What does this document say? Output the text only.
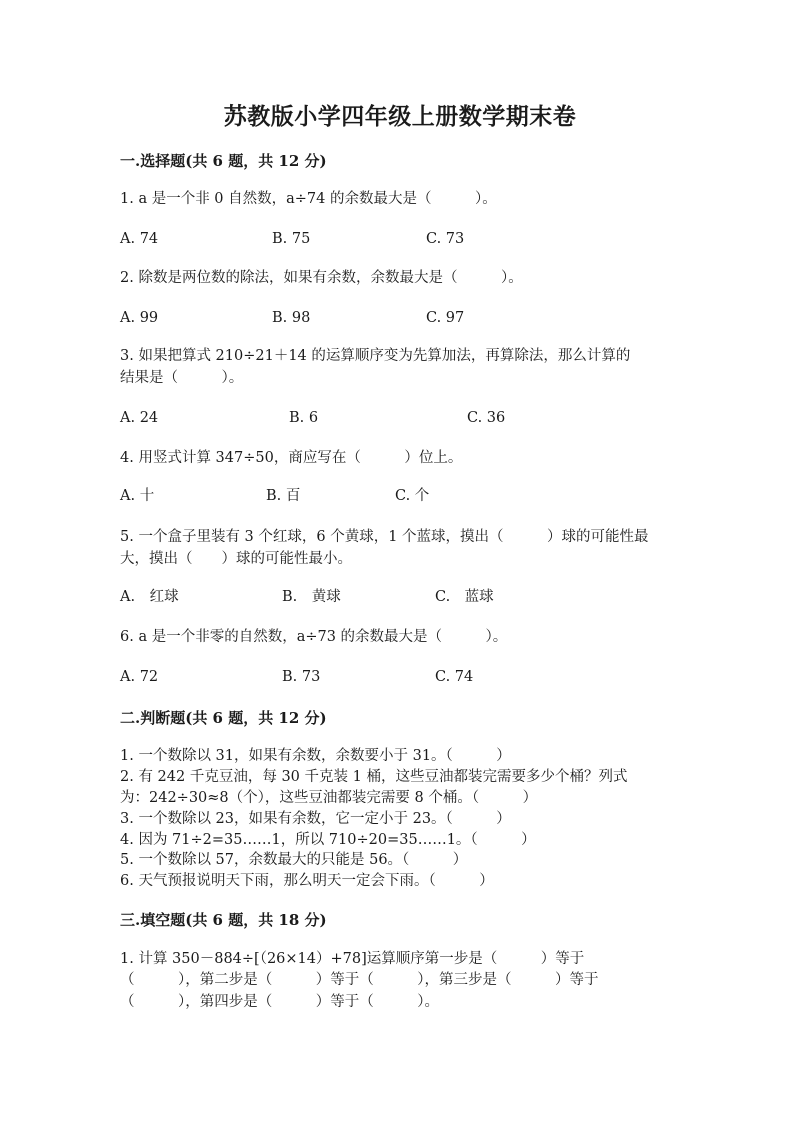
苏教版小学四年级上册数学期末卷
一.选择题(共 6 题，共 12 分)
1. a 是一个非 0 自然数，a÷74 的余数最大是（　　　）。
A. 74	B. 75	C. 73
2. 除数是两位数的除法，如果有余数，余数最大是（　　　）。
A. 99	B. 98	C. 97
3. 如果把算式 210÷21＋14 的运算顺序变为先算加法，再算除法，那么计算的
结果是（　　　）。
A. 24	B. 6	C. 36
4. 用竖式计算 347÷50，商应写在（　　　）位上。
A. 十	B. 百	C. 个
5. 一个盒子里装有 3 个红球，6 个黄球，1 个蓝球，摸出（　　　）球的可能性最
大，摸出（　　）球的可能性最小。
A.　红球	B.　黄球	C.　蓝球
6. a 是一个非零的自然数，a÷73 的余数最大是（　　　）。
A. 72	B. 73	C. 74
二.判断题(共 6 题，共 12 分)
1. 一个数除以 31，如果有余数，余数要小于 31。（　　　）
2. 有 242 千克豆油，每 30 千克装 1 桶，这些豆油都装完需要多少个桶？列式
为：242÷30≈8（个），这些豆油都装完需要 8 个桶。（　　　）
3. 一个数除以 23，如果有余数，它一定小于 23。（　　　）
4. 因为 71÷2=35……1，所以 710÷20=35……1。（　　　）
5. 一个数除以 57，余数最大的只能是 56。（　　　）
6. 天气预报说明天下雨，那么明天一定会下雨。（　　　）
三.填空题(共 6 题，共 18 分)
1. 计算 350－884÷[（26×14）+78]运算顺序第一步是（　　　）等于
（　　　），第二步是（　　　）等于（　　　），第三步是（　　　）等于
（　　　），第四步是（　　　）等于（　　　）。
